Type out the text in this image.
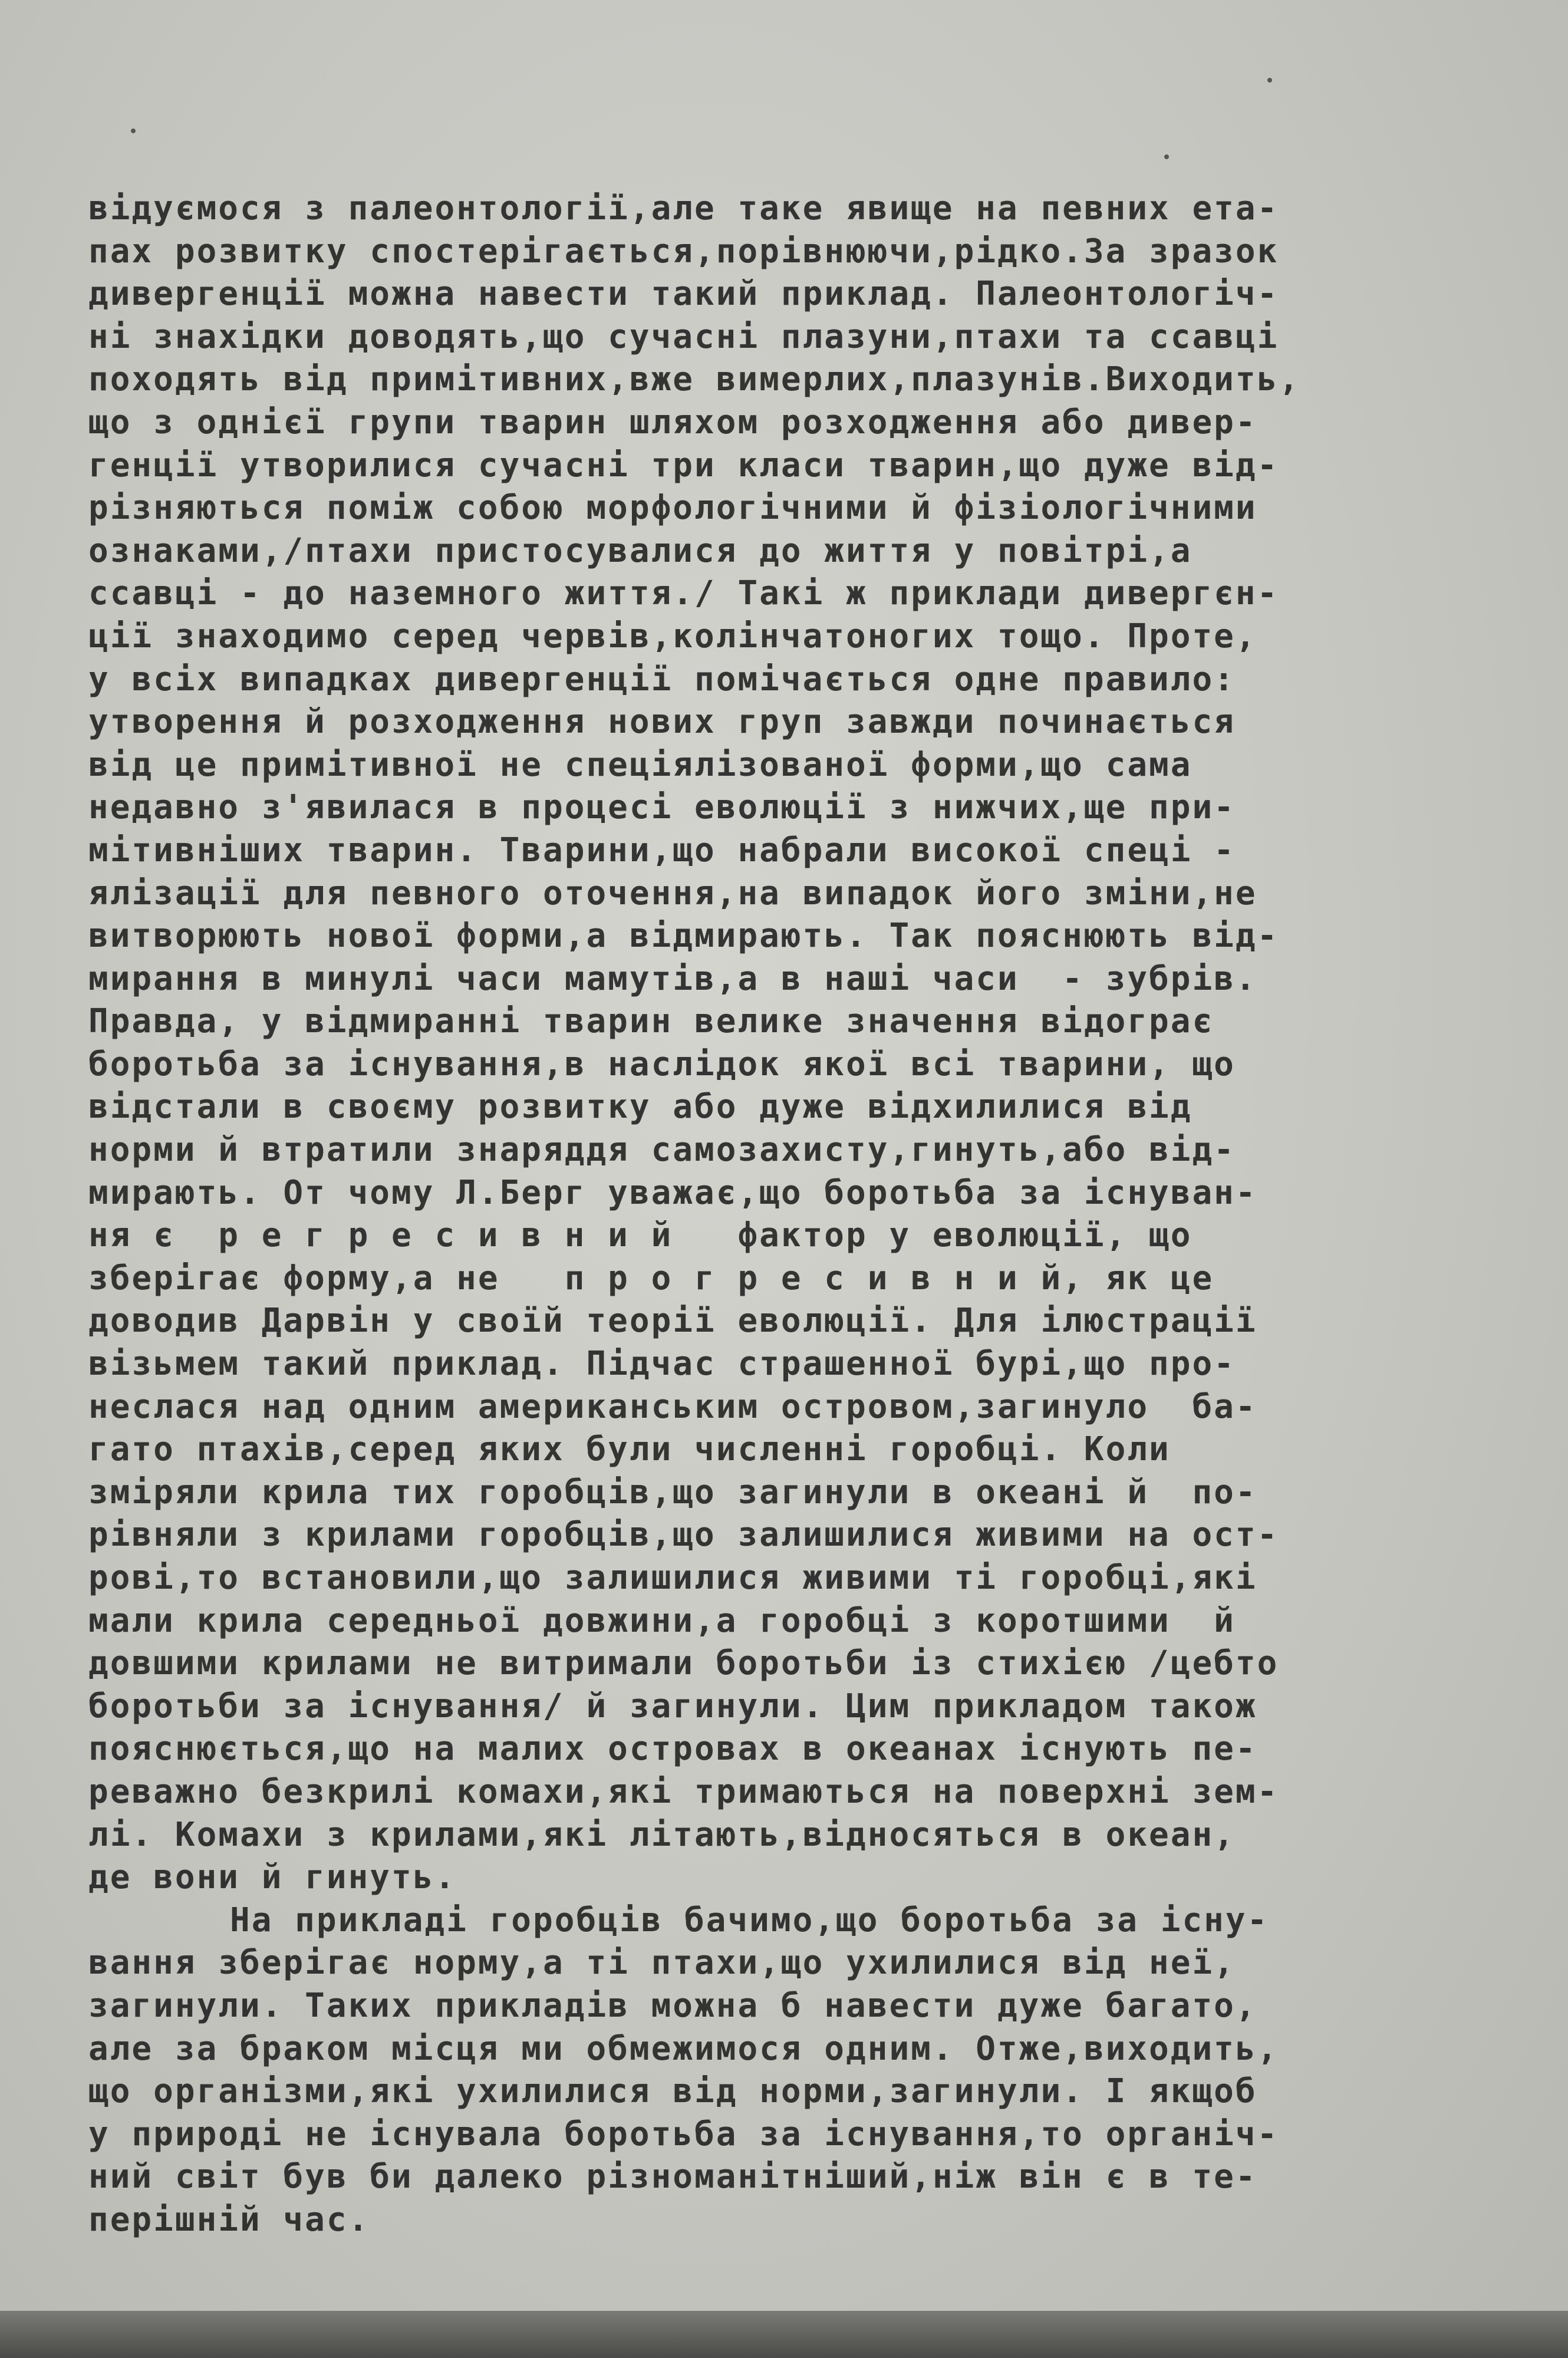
відуємося з палеонтології,але таке явище на певних ета-
пах розвитку спостерігається,порівнюючи,рідко.За зразок
дивергенції можна навести такий приклад. Палеонтологіч-
ні знахідки доводять,що сучасні плазуни,птахи та ссавці
походять від примітивних,вже вимерлих,плазунів.Виходить,
що з однієї групи тварин шляхом розходження або дивер-
генції утворилися сучасні три класи тварин,що дуже від-
різняються поміж собою морфологічними й фізіологічними
ознаками,/птахи пристосувалися до життя у повітрі,а
ссавці - до наземного життя./ Такі ж приклади дивергєн-
ції знаходимо серед червів,колінчатоногих тощо. Проте,
у всіх випадках дивергенції помічається одне правило:
утворення й розходження нових груп завжди починається
від це примітивної не спеціялізованої форми,що сама
недавно з'явилася в процесі еволюції з нижчих,ще при-
мітивніших тварин. Тварини,що набрали високої спеці -
ялізації для певного оточення,на випадок його зміни,не
витворюють нової форми,а відмирають. Так пояснюють від-
мирання в минулі часи мамутів,а в наші часи  - зубрів.
Правда, у відмиранні тварин велике значення відограє
боротьба за існування,в наслідок якої всі тварини, що
відстали в своєму розвитку або дуже відхилилися від
норми й втратили знаряддя самозахисту,гинуть,або від-
мирають. От чому Л.Берг уважає,що боротьба за існуван-
ня є  р е г р е с и в н и й   фактор у еволюції, що
зберігає форму,а не   п р о г р е с и в н и й, як це
доводив Дарвін у своїй теорії еволюції. Для ілюстрації
візьмем такий приклад. Підчас страшенної бурі,що про-
неслася над одним американським островом,загинуло  ба-
гато птахів,серед яких були численні горобці. Коли
зміряли крила тих горобців,що загинули в океані й  по-
рівняли з крилами горобців,що залишилися живими на ост-
рові,то встановили,що залишилися живими ті горобці,які
мали крила середньої довжини,а горобці з коротшими  й
довшими крилами не витримали боротьби із стихією /цебто
боротьби за існування/ й загинули. Цим прикладом також
пояснюється,що на малих островах в океанах існують пе-
реважно безкрилі комахи,які тримаються на поверхні зем-
лі. Комахи з крилами,які літають,відносяться в океан,
де вони й гинуть.
На прикладі горобців бачимо,що боротьба за існу-
вання зберігає норму,а ті птахи,що ухилилися від неї,
загинули. Таких прикладів можна б навести дуже багато,
але за браком місця ми обмежимося одним. Отже,виходить,
що організми,які ухилилися від норми,загинули. І якщоб
у природі не існувала боротьба за існування,то органіч-
ний світ був би далеко різноманітніший,ніж він є в те-
перішній час.
